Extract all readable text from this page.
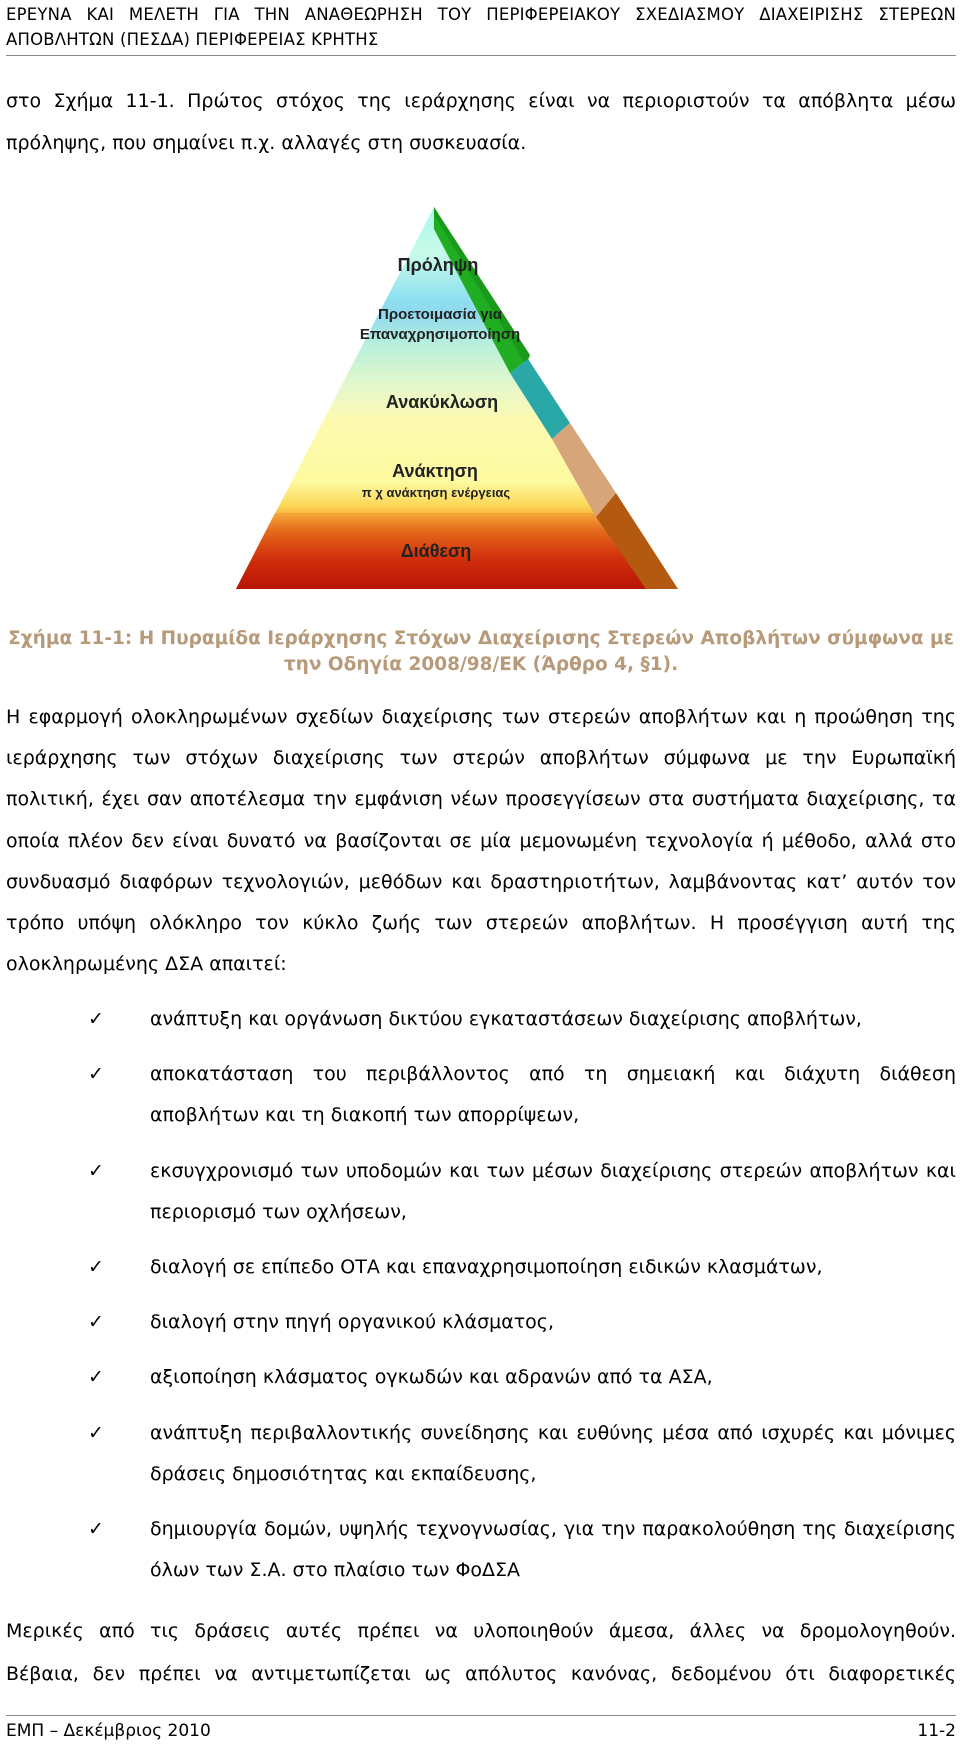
ΕΡΕΥΝΑ ΚΑΙ ΜΕΛΕΤΗ ΓΙΑ ΤΗΝ ΑΝΑΘΕΩΡΗΣΗ ΤΟΥ ΠΕΡΙΦΕΡΕΙΑΚΟΥ ΣΧΕΔΙΑΣΜΟΥ ΔΙΑΧΕΙΡΙΣΗΣ ΣΤΕΡΕΩΝ ΑΠΟΒΛΗΤΩΝ (ΠΕΣΔΑ) ΠΕΡΙΦΕΡΕΙΑΣ ΚΡΗΤΗΣ
στο Σχήμα 11-1. Πρώτος στόχος της ιεράρχησης είναι να περιοριστούν τα απόβλητα μέσω
πρόληψης, που σημαίνει π.χ. αλλαγές στη συσκευασία.
Πρόληψη
Προετοιμασία για
Επαναχρησιμοποίηση
Ανακύκλωση
Ανάκτηση
π χ ανάκτηση ενέργειας
Διάθεση
Σχήμα 11-1: Η Πυραμίδα Ιεράρχησης Στόχων Διαχείρισης Στερεών Αποβλήτων σύμφωνα με
την Οδηγία 2008/98/ΕΚ (Άρθρο 4, §1).
Η εφαρμογή ολοκληρωμένων σχεδίων διαχείρισης των στερεών αποβλήτων και η προώθηση της ιεράρχησης των στόχων διαχείρισης των στερών αποβλήτων σύμφωνα με την Ευρωπαϊκή πολιτική, έχει σαν αποτέλεσμα την εμφάνιση νέων προσεγγίσεων στα συστήματα διαχείρισης, τα οποία πλέον δεν είναι δυνατό να βασίζονται σε μία μεμονωμένη τεχνολογία ή μέθοδο, αλλά στο συνδυασμό διαφόρων τεχνολογιών, μεθόδων και δραστηριοτήτων, λαμβάνοντας κατ’ αυτόν τον τρόπο υπόψη ολόκληρο τον κύκλο ζωής των στερεών αποβλήτων. Η προσέγγιση αυτή της ολοκληρωμένης ΔΣΑ απαιτεί:
✓ ανάπτυξη και οργάνωση δικτύου εγκαταστάσεων διαχείρισης αποβλήτων,
✓ αποκατάσταση του περιβάλλοντος από τη σημειακή και διάχυτη διάθεση αποβλήτων και τη διακοπή των απορρίψεων,
✓ εκσυγχρονισμό των υποδομών και των μέσων διαχείρισης στερεών αποβλήτων και περιορισμό των οχλήσεων,
✓ διαλογή σε επίπεδο ΟΤΑ και επαναχρησιμοποίηση ειδικών κλασμάτων,
✓ διαλογή στην πηγή οργανικού κλάσματος,
✓ αξιοποίηση κλάσματος ογκωδών και αδρανών από τα ΑΣΑ,
✓ ανάπτυξη περιβαλλοντικής συνείδησης και ευθύνης μέσα από ισχυρές και μόνιμες δράσεις δημοσιότητας και εκπαίδευσης,
✓ δημιουργία δομών, υψηλής τεχνογνωσίας, για την παρακολούθηση της διαχείρισης όλων των Σ.Α. στο πλαίσιο των ΦοΔΣΑ
Μερικές από τις δράσεις αυτές πρέπει να υλοποιηθούν άμεσα, άλλες να δρομολογηθούν.
Βέβαια, δεν πρέπει να αντιμετωπίζεται ως απόλυτος κανόνας, δεδομένου ότι διαφορετικές
ΕΜΠ – Δεκέμβριος 2010	11-2
